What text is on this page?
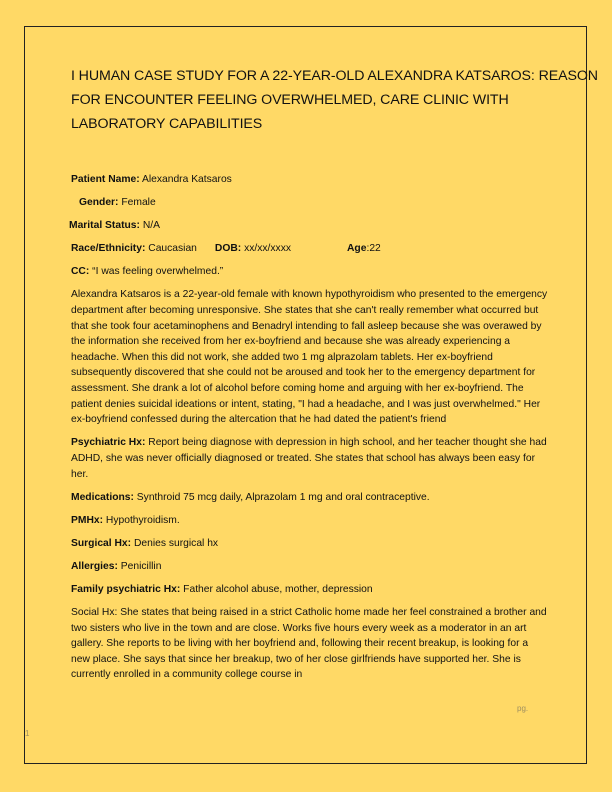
I HUMAN CASE STUDY FOR A 22-YEAR-OLD ALEXANDRA KATSAROS: REASON FOR ENCOUNTER FEELING OVERWHELMED, CARE CLINIC WITH LABORATORY CAPABILITIES
Patient Name: Alexandra Katsaros
Gender: Female
Marital Status: N/A
Race/Ethnicity: Caucasian DOB: xx/xx/xxxx	Age:22
CC: “I was feeling overwhelmed.”

Alexandra Katsaros is a 22-year-old female with known hypothyroidism who presented to the emergency department after becoming unresponsive. She states that she can't really remember what occurred but that she took four acetaminophens and Benadryl intending to fall asleep because she was overawed by the information she received from her ex-boyfriend and because she was already experiencing a headache. When this did not work, she added two 1 mg alprazolam tablets. Her ex-boyfriend subsequently discovered that she could not be aroused and took her to the emergency department for assessment. She drank a lot of alcohol before coming home and arguing with her ex-boyfriend. The patient denies suicidal ideations or intent, stating, "I had a headache, and I was just overwhelmed." Her ex-boyfriend confessed during the altercation that he had dated the patient's friend

Psychiatric Hx: Report being diagnose with depression in high school, and her teacher thought she had ADHD, she was never officially diagnosed or treated. She states that school has always been easy for her.

Medications: Synthroid 75 mcg daily, Alprazolam 1 mg and oral contraceptive.

PMHx: Hypothyroidism.

Surgical Hx: Denies surgical hx

Allergies: Penicillin

Family psychiatric Hx: Father alcohol abuse, mother, depression

Social Hx: She states that being raised in a strict Catholic home made her feel constrained a brother and two sisters who live in the town and are close. Works five hours every week as a moderator in an art gallery. She reports to be living with her boyfriend and, following their recent breakup, is looking for a new place. She says that since her breakup, two of her close girlfriends have supported her. She is currently enrolled in a community college course in

pg.
1
